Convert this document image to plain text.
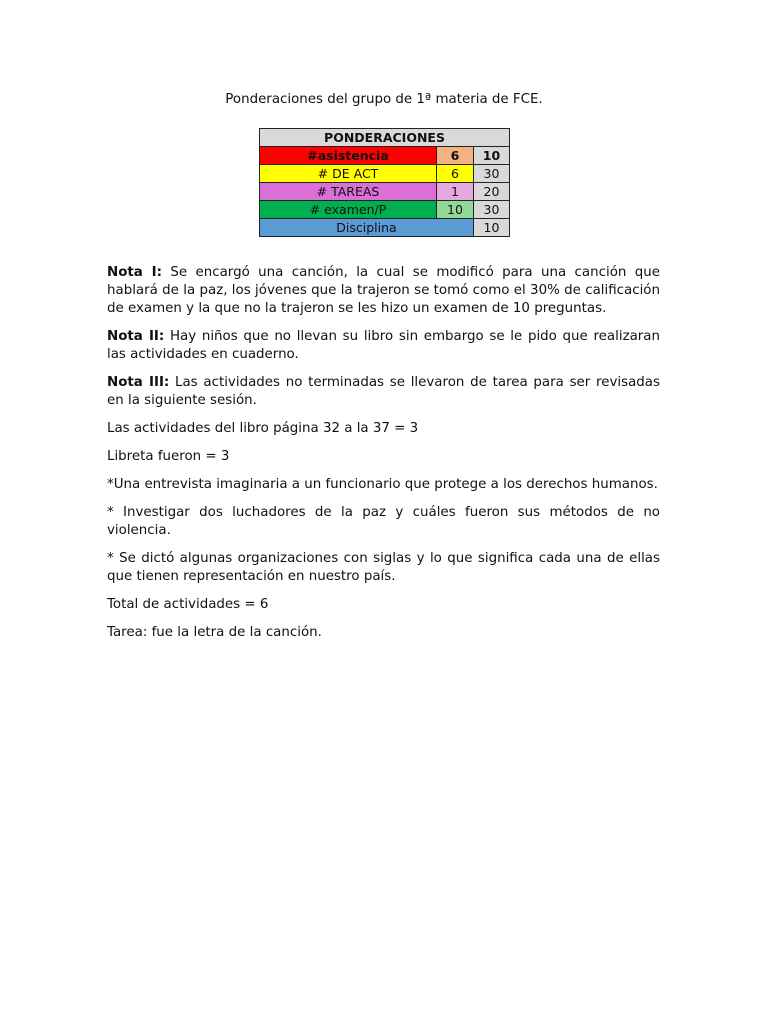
Ponderaciones del grupo de 1ª materia de FCE.
PONDERACIONES		
#asistencia	6	10
# DE ACT	6	30
# TAREAS	1	20
# examen/P	10	30
Disciplina		10

Nota I: Se encargó una canción, la cual se modificó para una canción que hablará de la paz, los jóvenes que la trajeron se tomó como el 30% de calificación de examen y la que no la trajeron se les hizo un examen de 10 preguntas.

Nota II: Hay niños que no llevan su libro sin embargo se le pido que realizaran las actividades en cuaderno.

Nota III: Las actividades no terminadas se llevaron de tarea para ser revisadas en la siguiente sesión.

Las actividades del libro página 32 a la 37 = 3

Libreta fueron = 3

*Una entrevista imaginaria a un funcionario que protege a los derechos humanos.

* Investigar dos luchadores de la paz y cuáles fueron sus métodos de no violencia.

* Se dictó algunas organizaciones con siglas y lo que significa cada una de ellas que tienen representación en nuestro país.

Total de actividades = 6

Tarea: fue la letra de la canción.
